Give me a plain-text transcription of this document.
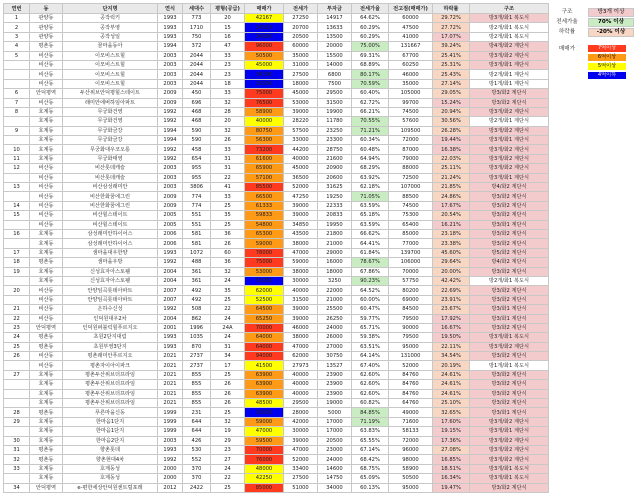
연번	동	단지명	연식	세대수	평형(공급)	매매가	전세가	투자금	전세가율	전고점(매매가)	하락률	구조
1	관양동	공작럭키	1993	773	20	42167	27250	14917	64.62%	60000	29.72%	방3개/화1 복도식
2	관양동	공작부영	1993	1710	15	34333	20700	13633	60.29%	47500	27.72%	방2개/화1 복도식
3	관양동	공작성일	1993	750	16	34000	20500	13500	60.29%	41000	17.07%	방2개/화1 복도식
4	평촌동	꿈마을동아	1994	372	47	96000	60000	20000	75.00%	131667	39.24%	방4개/화2 계단식
5	비산동	이모비스트힐	2003	2044	33	50500	35000	15500	69.31%	67700	25.41%	방3개/화2 계단식
	비산동	이모비스트힐	2003	2044	23	45000	31000	14000	68.89%	60250	25.31%	방3개/화1 계단식
	비산동	이모비스트힐	2003	2044	23	34300	27500	6800	80.17%	46000	25.43%	방2개/화1 계단식
	비산동	이모비스트힐	2003	2044	18	25500	18000	7500	70.59%	35000	27.14%	방1개/화1 계단식
6	안덕평역	두산위브안덕평힐스테이트	2009	450	33	75000	45000	29500	60.40%	105000	29.05%	방3/화2 계단식
7	비산동	래미안에버하임아파트	2009	696	32	76500	53000	31500	62.72%	99700	15.24%	방3/화2 계단식
8	호계동	무궁화건영	1992	468	28	58900	39000	19900	66.21%	74500	20.94%	방3개/화2 계단식
	호계동	무궁화건영	1992	468	20	40000	28220	11780	70.55%	57600	30.56%	방2개/화1 계단식
9	호계동	무궁화금강	1994	590	32	80750	57500	23250	71.21%	109500	26.28%	방3개/화2 계단식
	호계동	무궁화금강	1994	590	26	56300	33000	23300	60.34%	72000	19.44%	방3개/화1 계단식
10	호계동	무궁화대우코오롱	1992	458	33	73200	44200	28750	60.48%	87000	16.38%	방3개/화2 계단식
11	호계동	무궁화태영	1992	654	31	61600	40000	21600	64.94%	79000	22.03%	방3개/화2 계단식
12	비산동	비산롯데캐슬	2003	955	31	65900	45000	20900	68.29%	88000	25.11%	방3개/화2 계단식
	비산동	비산롯데캐슬	2003	955	22	57100	36500	20600	63.92%	72500	21.24%	방3개/화1 계단식
13	비산동	비산삼성래미안	2003	3806	41	85500	52000	31625	62.18%	107000	21.85%	방4/화2 계단식
	비산동	비산한화꿈에그린	2009	774	33	66500	47250	19250	71.05%	88500	24.86%	방3/화2 계단식
14	비산동	비산한화꿈에그린	2009	774	25	61333	39000	22333	63.59%	74500	17.67%	방3/화2 계단식
15	비산동	비산힐스테이트	2005	551	35	59833	39000	20833	65.18%	75300	20.54%	방3/화2 계단식
	비산동	비산힐스테이트	2005	551	25	54800	34850	19950	63.59%	65400	16.21%	방3/화1 계단식
16	호계동	삼성래미안하이어스	2006	581	36	65300	43500	21800	66.62%	85000	23.18%	방3/화2 계단식
	호계동	삼성래미안하이어스	2006	581	26	59000	38000	21000	64.41%	77000	23.38%	방3/화2 계단식
17	호계동	샘마을대우한양	1993	1072	60	78000	47000	29000	61.84%	139700	45.60%	방5/화2 계단식
18	평촌동	샘마을우방	1992	488	36	75000	59000	16000	78.67%	106000	29.64%	방4/화2 계단식
19	호계동	신성효자아스토웰	2004	361	32	53000	38000	18000	67.86%	70000	20.00%	방3/화2 계단식
	호계동	신성효자아스토웰	2004	361	24	33250	30000	3250	90.23%	57750	42.42%	방2개/화1 복도식
20	비산동	안양임곡롯데아파트	2007	492	35	62000	40000	22000	64.52%	80200	22.69%	방3/화2 계단식
	비산동	안양임곡롯데아파트	2007	492	25	52500	31500	21000	60.00%	69000	23.91%	방3/화2 계단식
21	비산동	은하수신성	1992	508	22	64500	39000	25500	60.47%	84500	23.67%	방3/화1 계단식
22	비산동	인덕원대우2차	2004	862	24	65250	39000	26250	59.77%	79500	17.92%	방3/화1 계단식
23	안덕평역	인덕원퍼블릭힐푸르지오	2001	1996	24A	70000	46000	24000	65.71%	90000	16.67%	방3/화2 계단식
24	평촌동	초원2단지대림	1993	1035	24	64000	38000	26000	59.38%	79500	19.50%	방3개/화1 복도식
25	평촌동	초원부영3단지	1993	870	31	64000	47000	27000	63.51%	95000	22.11%	방3개/화2 계단식
26	비산동	평촌래미안푸르지오	2021	2737	34	94000	62000	30750	64.14%	131000	34.54%	방3/화2 계단식
	비산동	평촌자이아이파크	2021	2737	17	41500	27973	13527	67.40%	52000	20.19%	방1개/화1 복도식
27	호계동	평촌두산위브더프라임	2021	855	25	63900	40000	23900	62.60%	84760	24.61%	방3/화2 계단식
	호계동	평촌두산위브더프라임	2021	855	26	63900	40000	23900	62.60%	84760	24.61%	방3/화2 계단식
	호계동	평촌두산위브더프라임	2021	855	26	63900	40000	23900	62.60%	84760	24.61%	방3/화2 계단식
	호계동	평촌두산위브더프라임	2021	855	26	48500	29500	19000	60.82%	64760	25.10%	방3/화2 계단식
28	평촌동	푸른마을신동	1999	231	25	33000	28000	5000	84.85%	49000	32.65%	방3/화1 계단식
29	호계동	한마음1단지	1999	644	32	59000	42000	17000	71.19%	71600	17.60%	방3개/화2 계단식
	호계동	한마음1단지	1999	644	19	47000	30000	17000	63.83%	58133	19.15%	방3개/화1 계단식
30	호계동	한마음2단지	2003	426	29	59500	39000	20500	65.55%	72000	17.36%	방3개/화2 계단식
31	평촌동	향촌롯데	1993	530	23	70000	47000	23000	67.14%	96000	27.08%	방3개/화2 계단식
32	평촌동	향촌현대4차	1992	552	27	76000	52000	24000	68.42%	98000	16.85%	방3개/화2 계단식
33	호계동	호계동성	2000	370	24	48000	33400	14600	68.75%	58900	18.51%	방3개/화1 복도식
	호계동	호계동성	2000	370	22	42250	27500	14750	65.09%	50500	16.34%	방3개/화1 복도식
34	안덕평역	e-편한세상안덕원센트럴포레	2012	2422	25	85000	51000	34000	60.13%	95000	19.47%	방3/화2 계단식
구조	방3개 이상
전세가율	70% 이상
하락률	-20% 이상
매매가	7억이상
6억이상
5억이상
4억이하
